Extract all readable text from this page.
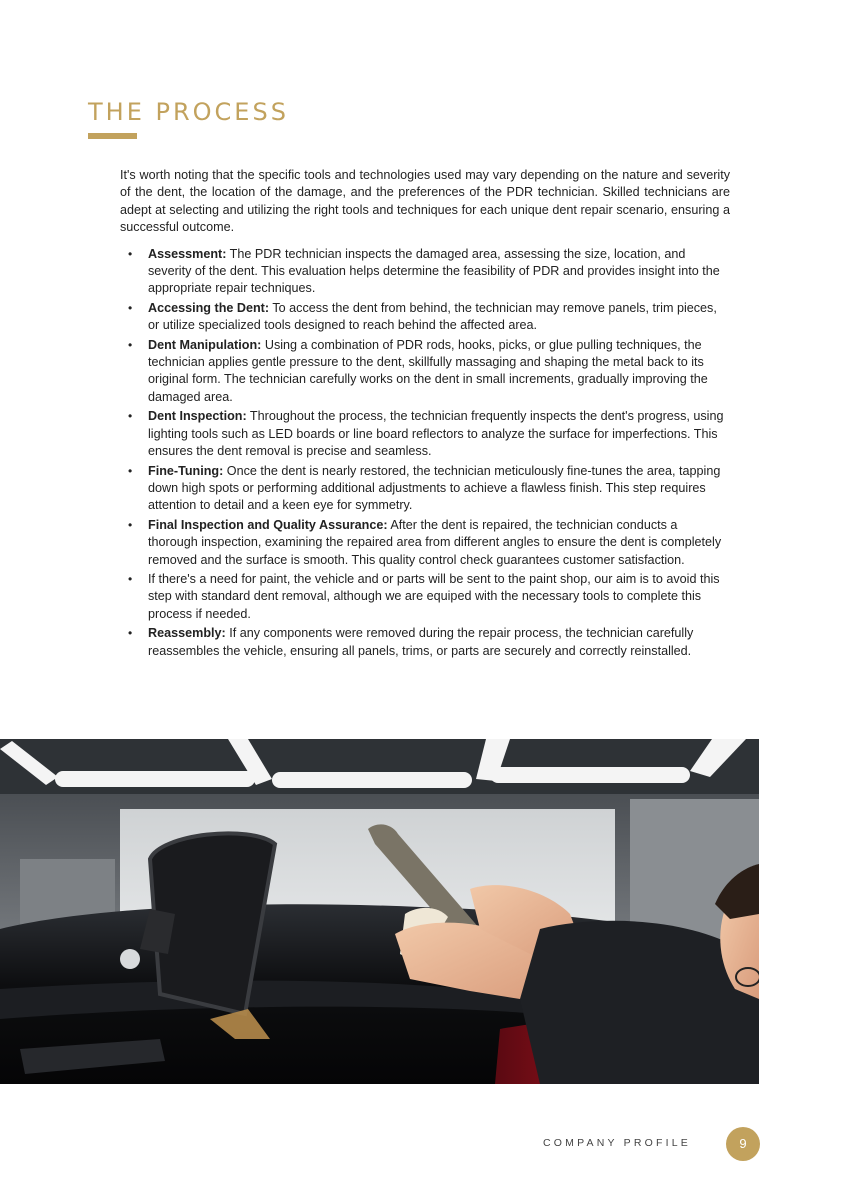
THE PROCESS

It's worth noting that the specific tools and technologies used may vary depending on the nature and severity of the dent, the location of the damage, and the preferences of the PDR technician. Skilled technicians are adept at selecting and utilizing the right tools and techniques for each unique dent repair scenario, ensuring a successful outcome.

• Assessment: The PDR technician inspects the damaged area, assessing the size, location, and severity of the dent. This evaluation helps determine the feasibility of PDR and provides insight into the appropriate repair techniques.
• Accessing the Dent: To access the dent from behind, the technician may remove panels, trim pieces, or utilize specialized tools designed to reach behind the affected area.
• Dent Manipulation: Using a combination of PDR rods, hooks, picks, or glue pulling techniques, the technician applies gentle pressure to the dent, skillfully massaging and shaping the metal back to its original form. The technician carefully works on the dent in small increments, gradually improving the damaged area.
• Dent Inspection: Throughout the process, the technician frequently inspects the dent's progress, using lighting tools such as LED boards or line board reflectors to analyze the surface for imperfections. This ensures the dent removal is precise and seamless.
• Fine-Tuning: Once the dent is nearly restored, the technician meticulously fine-tunes the area, tapping down high spots or performing additional adjustments to achieve a flawless finish. This step requires attention to detail and a keen eye for symmetry.
• Final Inspection and Quality Assurance: After the dent is repaired, the technician conducts a thorough inspection, examining the repaired area from different angles to ensure the dent is completely removed and the surface is smooth. This quality control check guarantees customer satisfaction.
• If there's a need for paint, the vehicle and or parts will be sent to the paint shop, our aim is to avoid this step with standard dent removal, although we are equiped with the necessary tools to complete this process if needed.
• Reassembly: If any components were removed during the repair process, the technician carefully reassembles the vehicle, ensuring all panels, trims, or parts are securely and correctly reinstalled.
COMPANY PROFILE	9
